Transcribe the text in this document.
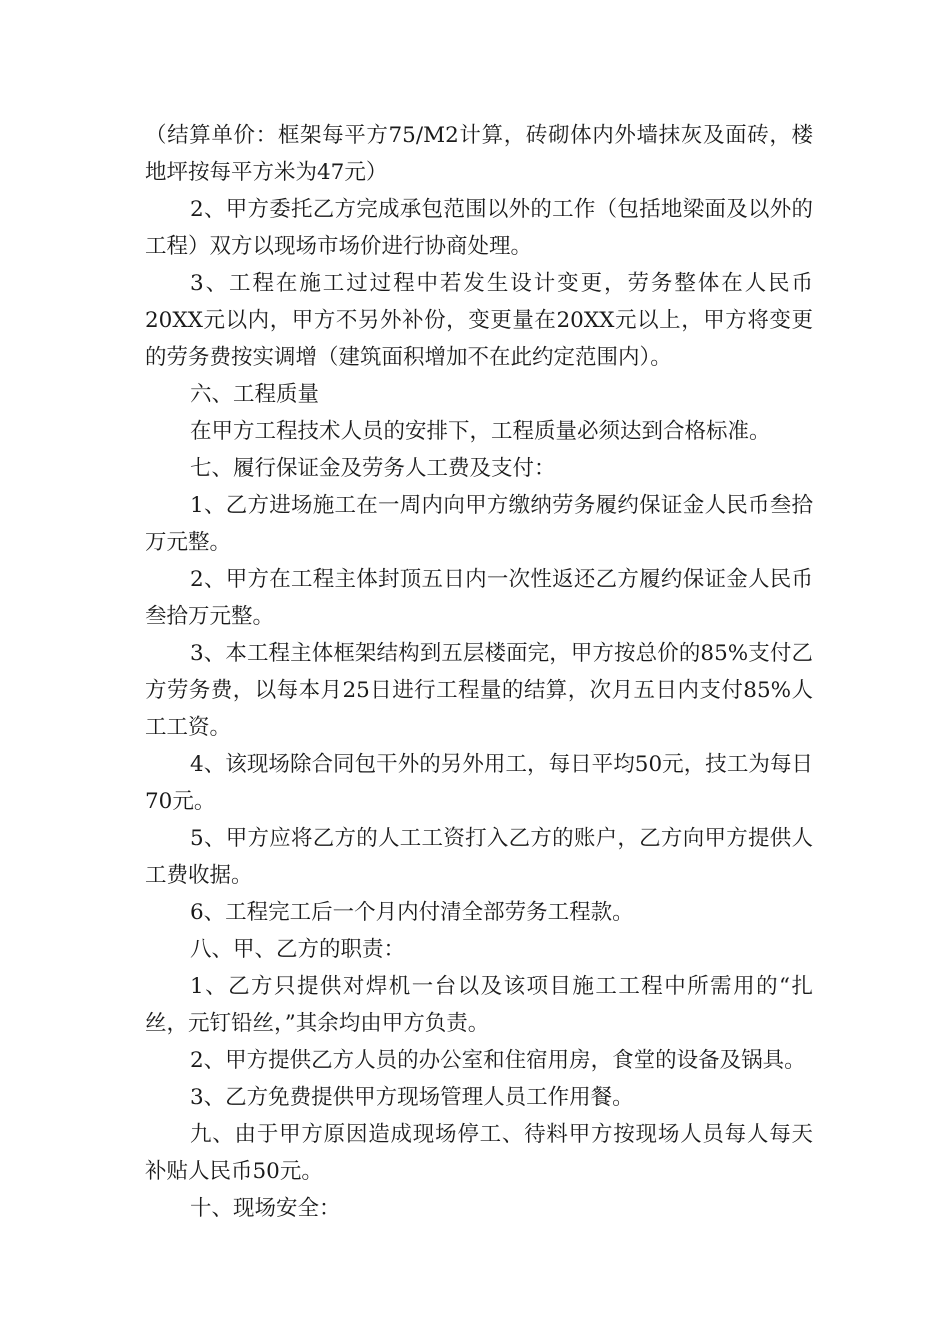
（结算单价：框架每平方75/M2计算，砖砌体内外墙抹灰及面砖，楼地坪按每平方米为47元）

2、甲方委托乙方完成承包范围以外的工作（包括地梁面及以外的工程）双方以现场市场价进行协商处理。

3、工程在施工过过程中若发生设计变更，劳务整体在人民币20XX元以内，甲方不另外补份，变更量在20XX元以上，甲方将变更的劳务费按实调增（建筑面积增加不在此约定范围内）。

六、工程质量

在甲方工程技术人员的安排下，工程质量必须达到合格标准。

七、履行保证金及劳务人工费及支付：

1、乙方进场施工在一周内向甲方缴纳劳务履约保证金人民币叁拾万元整。

2、甲方在工程主体封顶五日内一次性返还乙方履约保证金人民币叁拾万元整。

3、本工程主体框架结构到五层楼面完，甲方按总价的85%支付乙方劳务费，以每本月25日进行工程量的结算，次月五日内支付85%人工工资。

4、该现场除合同包干外的另外用工，每日平均50元，技工为每日70元。

5、甲方应将乙方的人工工资打入乙方的账户，乙方向甲方提供人工费收据。

6、工程完工后一个月内付清全部劳务工程款。

八、甲、乙方的职责：

1、乙方只提供对焊机一台以及该项目施工工程中所需用的“扎丝，元钉铅丝，”其余均由甲方负责。

2、甲方提供乙方人员的办公室和住宿用房，食堂的设备及锅具。

3、乙方免费提供甲方现场管理人员工作用餐。

九、由于甲方原因造成现场停工、待料甲方按现场人员每人每天补贴人民币50元。

十、现场安全：
